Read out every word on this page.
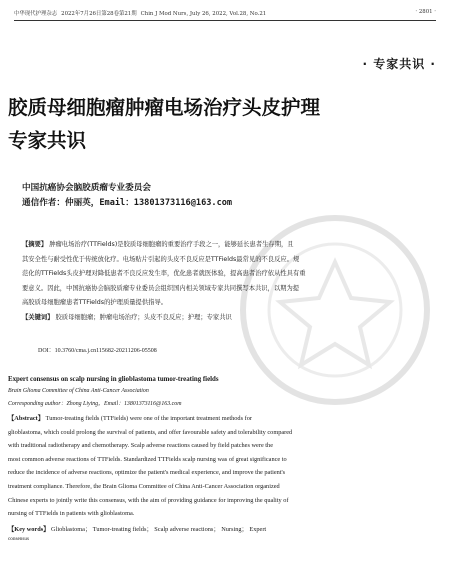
中华现代护理杂志 2022年7月26日第28卷第21期 Chin J Mod Nurs, July 26, 2022, Vol.28, No.21	· 2801 ·
· 专家共识 ·
胶质母细胞瘤肿瘤电场治疗头皮护理
专家共识
中国抗癌协会脑胶质瘤专业委员会
通信作者：仲丽英，Email：13801373116@163.com
【摘要】 肿瘤电场治疗(TTFields)是胶质母细胞瘤的重要治疗手段之一，能够延长患者生存期，且
其安全性与耐受性优于传统放化疗。电场贴片引起的头皮不良反应是TTFields最常见的不良反应。规
范化的TTFields头皮护理对降低患者不良反应发生率，优化患者就医体验，提高患者治疗依从性具有重
要意义。因此，中国抗癌协会脑胶质瘤专业委员会组织国内相关领域专家共同撰写本共识，以期为提
高胶质母细胞瘤患者TTFields的护理质量提供指导。
【关键词】 胶质母细胞瘤；肿瘤电场治疗；头皮不良反应；护理；专家共识
DOI：10.3760/cma.j.cn115682-20211206-05508
Expert consensus on scalp nursing in glioblastoma tumor-treating fields
Brain Glioma Committee of China Anti-Cancer Association
Corresponding author：Zhong Liying，Email：13801373116@163.com
【Abstract】 Tumor-treating fields (TTFields) were one of the important treatment methods for
glioblastoma, which could prolong the survival of patients, and offer favourable safety and tolerability compared
with traditional radiotherapy and chemotherapy. Scalp adverse reactions caused by field patches were the
most common adverse reactions of TTFields. Standardized TTFields scalp nursing was of great significance to
reduce the incidence of adverse reactions, optimize the patient's medical experience, and improve the patient's
treatment compliance. Therefore, the Brain Glioma Committee of China Anti-Cancer Association organized
Chinese experts to jointly write this consensus, with the aim of providing guidance for improving the quality of
nursing of TTFields in patients with glioblastoma.
【Key words】 Glioblastoma； Tumor-treating fields； Scalp adverse reactions； Nursing； Expert
consensus
